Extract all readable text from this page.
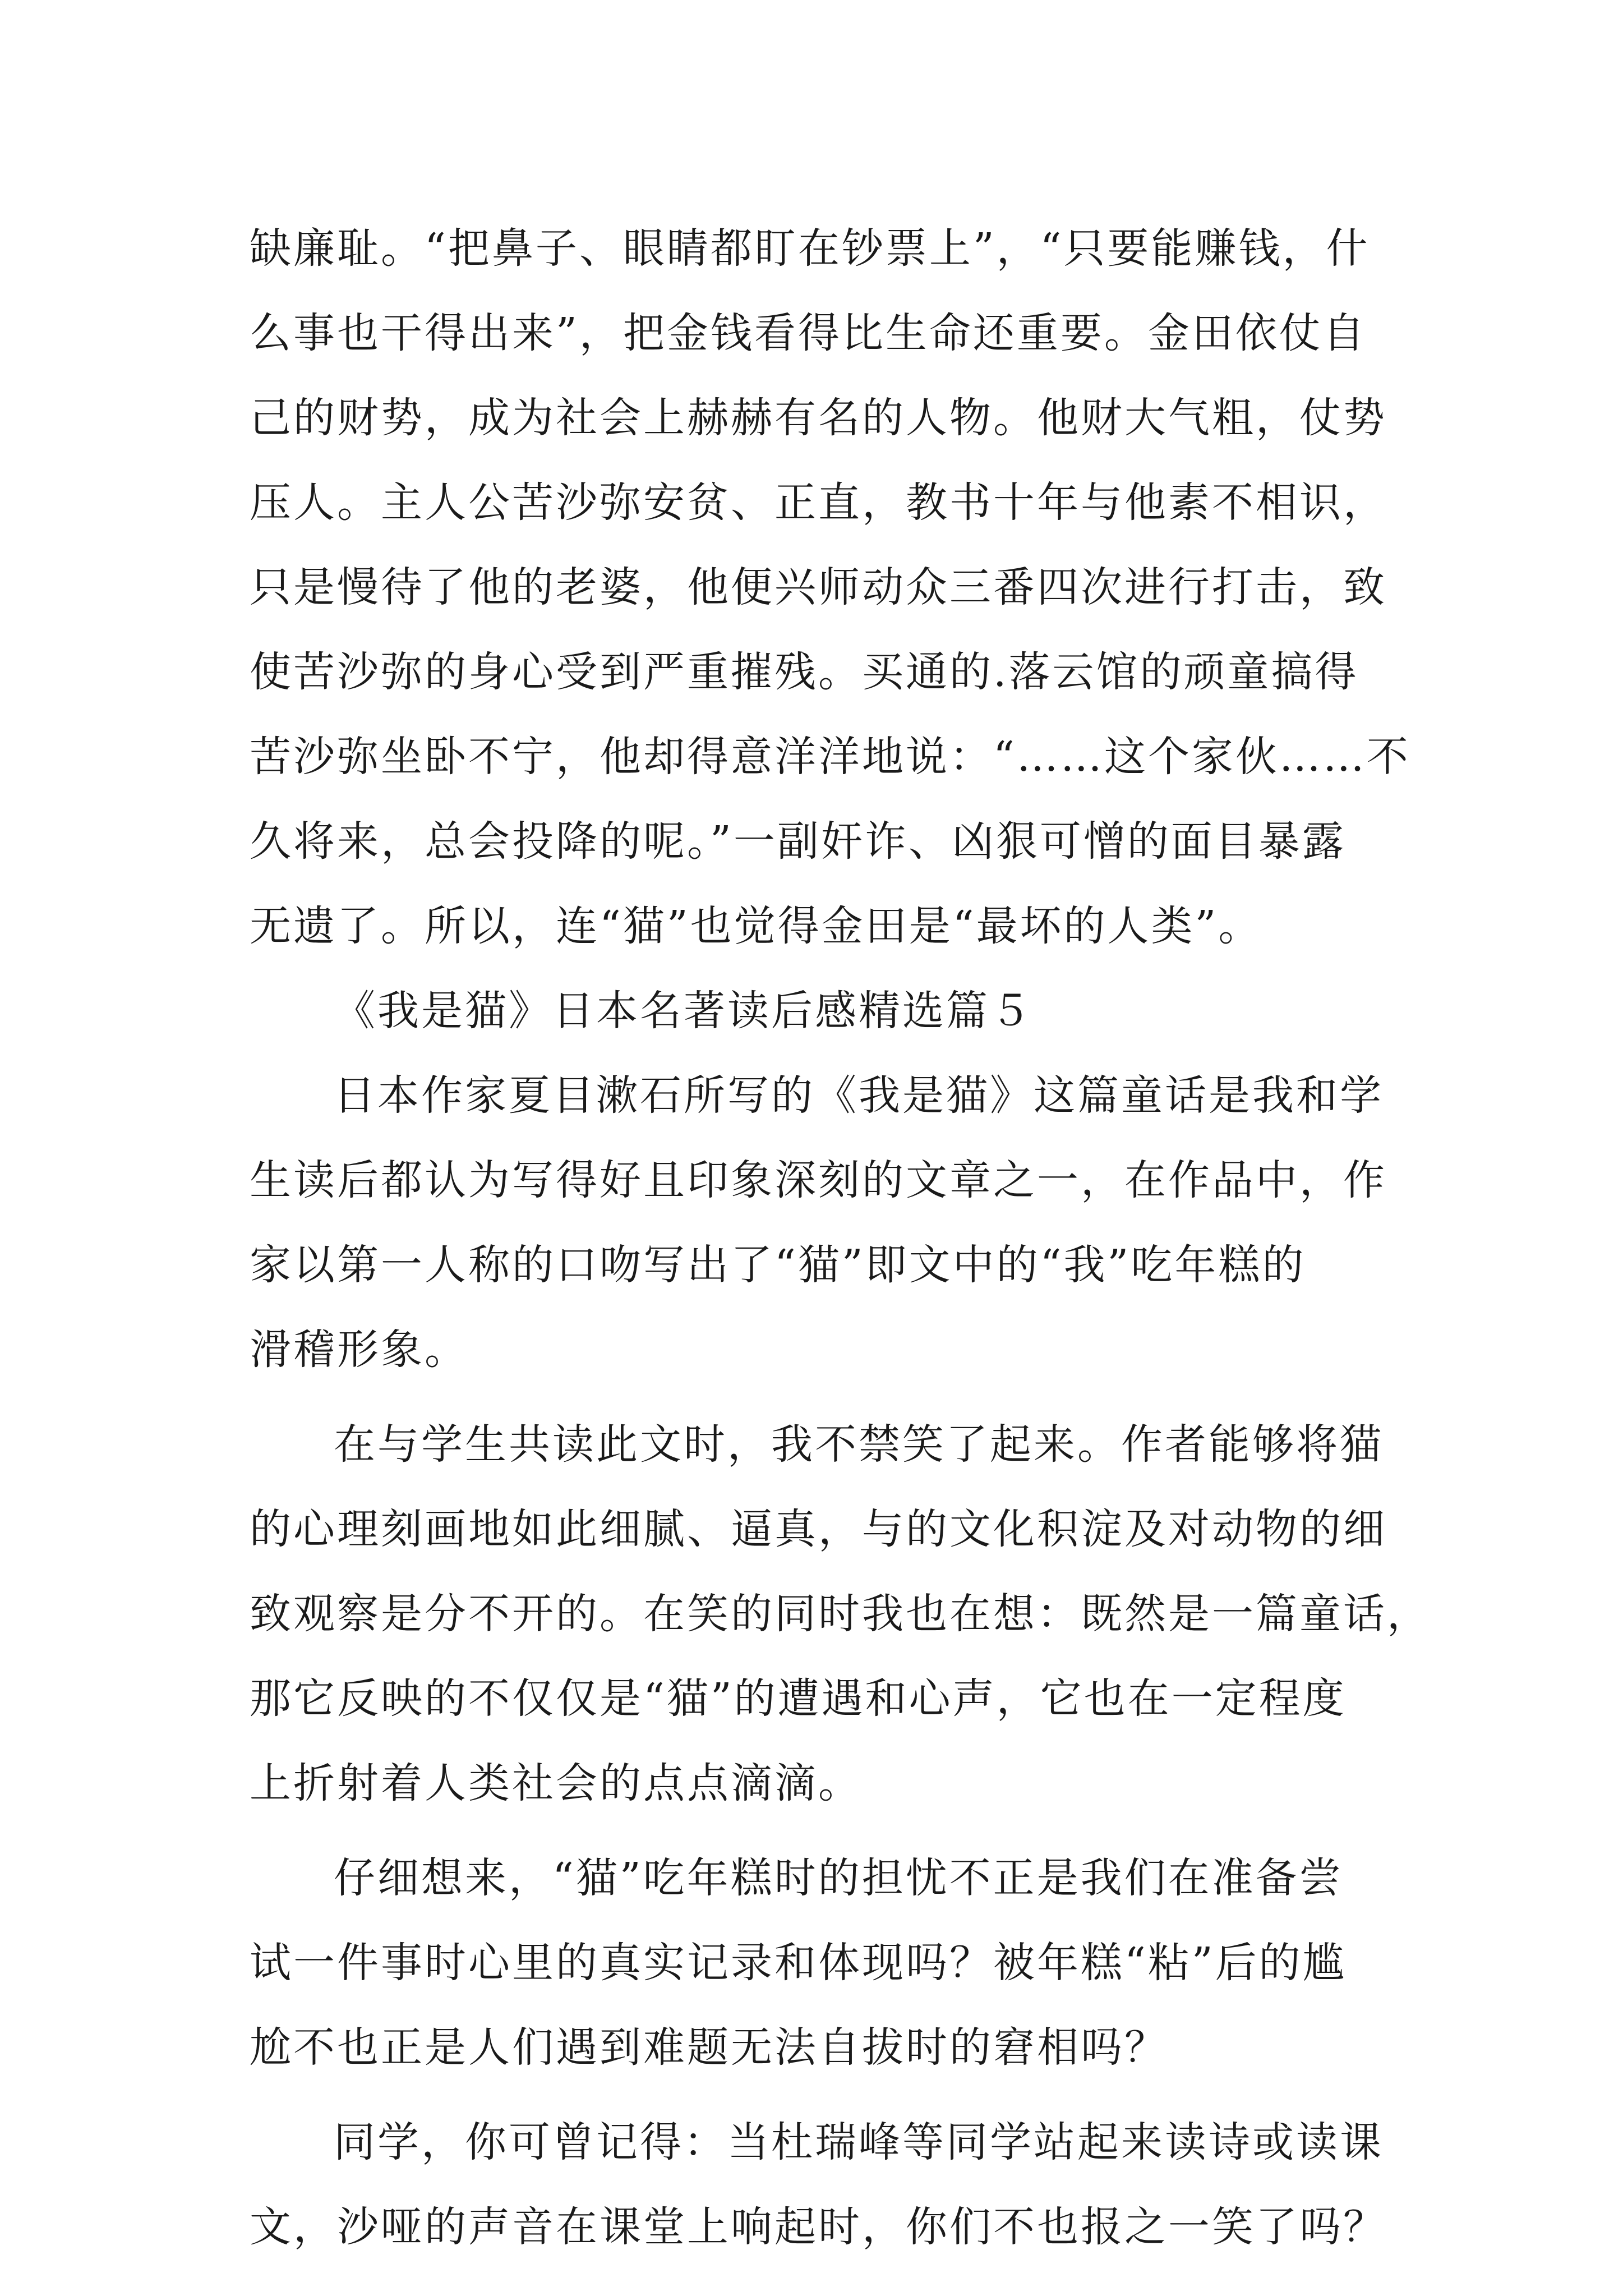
缺廉耻。“把鼻子、眼睛都盯在钞票上”，“只要能赚钱，什
么事也干得出来”，把金钱看得比生命还重要。金田依仗自
己的财势，成为社会上赫赫有名的人物。他财大气粗，仗势
压人。主人公苦沙弥安贫、正直，教书十年与他素不相识，
只是慢待了他的老婆，他便兴师动众三番四次进行打击，致
使苦沙弥的身心受到严重摧残。买通的.落云馆的顽童搞得
苦沙弥坐卧不宁，他却得意洋洋地说：“……这个家伙……不
久将来，总会投降的呢。”一副奸诈、凶狠可憎的面目暴露
无遗了。所以，连“猫”也觉得金田是“最坏的人类”。
《我是猫》日本名著读后感精选篇５
日本作家夏目漱石所写的《我是猫》这篇童话是我和学
生读后都认为写得好且印象深刻的文章之一，在作品中，作
家以第一人称的口吻写出了“猫”即文中的“我”吃年糕的
滑稽形象。
在与学生共读此文时，我不禁笑了起来。作者能够将猫
的心理刻画地如此细腻、逼真，与的文化积淀及对动物的细
致观察是分不开的。在笑的同时我也在想：既然是一篇童话，
那它反映的不仅仅是“猫”的遭遇和心声，它也在一定程度
上折射着人类社会的点点滴滴。
仔细想来，“猫”吃年糕时的担忧不正是我们在准备尝
试一件事时心里的真实记录和体现吗？被年糕“粘”后的尴
尬不也正是人们遇到难题无法自拔时的窘相吗？
同学，你可曾记得：当杜瑞峰等同学站起来读诗或读课
文，沙哑的声音在课堂上响起时，你们不也报之一笑了吗？
